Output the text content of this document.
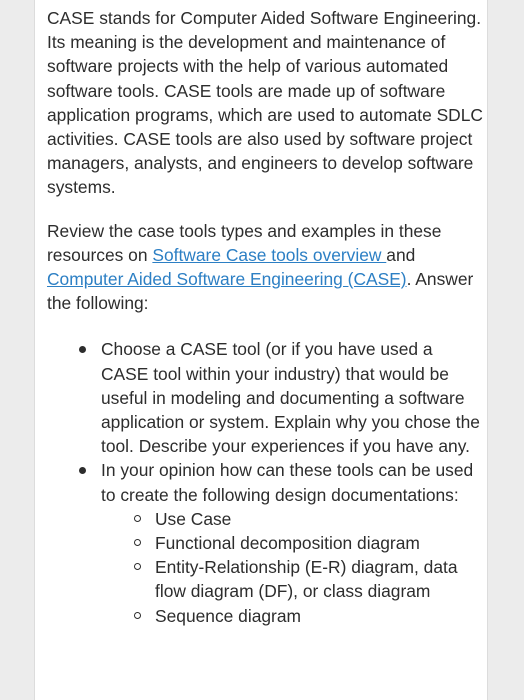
CASE stands for Computer Aided Software Engineering. Its meaning is the development and maintenance of software projects with the help of various automated software tools. CASE tools are made up of software application programs, which are used to automate SDLC activities. CASE tools are also used by software project managers, analysts, and engineers to develop software systems.

Review the case tools types and examples in these resources on Software Case tools overview and Computer Aided Software Engineering (CASE). Answer the following:

Choose a CASE tool (or if you have used a CASE tool within your industry) that would be useful in modeling and documenting a software application or system. Explain why you chose the tool. Describe your experiences if you have any.
In your opinion how can these tools can be used to create the following design documentations:
Use Case
Functional decomposition diagram
Entity-Relationship (E-R) diagram, data flow diagram (DF), or class diagram
Sequence diagram
